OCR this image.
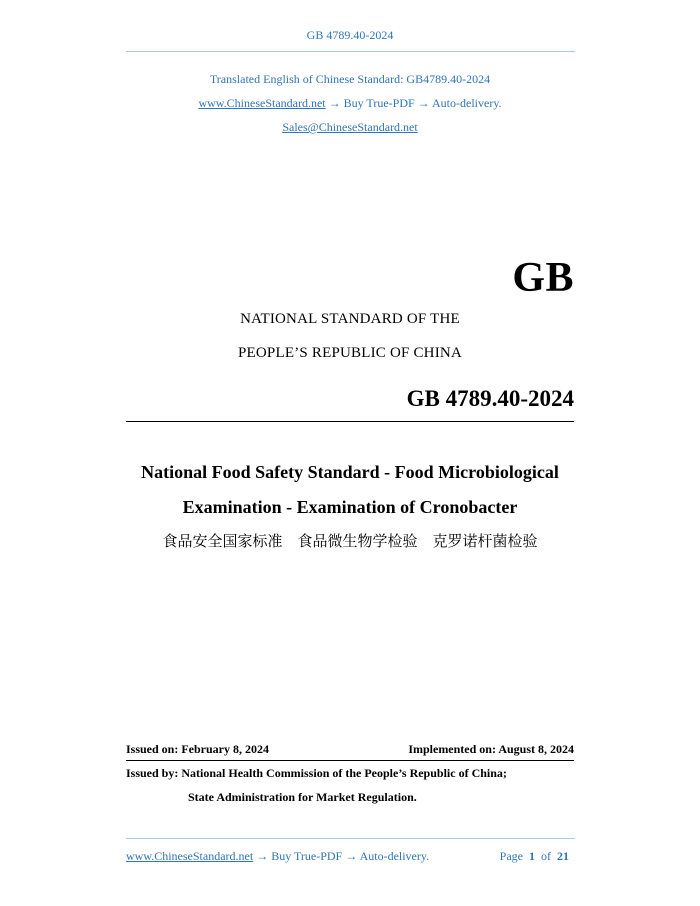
GB 4789.40-2024
Translated English of Chinese Standard: GB4789.40-2024
www.ChineseStandard.net → Buy True-PDF → Auto-delivery.
Sales@ChineseStandard.net
GB
NATIONAL STANDARD OF THE
PEOPLE’S REPUBLIC OF CHINA
GB 4789.40-2024
National Food Safety Standard - Food Microbiological
Examination - Examination of Cronobacter
食品安全国家标准　食品微生物学检验　克罗诺杆菌检验
Issued on: February 8, 2024	Implemented on: August 8, 2024
Issued by: National Health Commission of the People’s Republic of China;
State Administration for Market Regulation.
www.ChineseStandard.net → Buy True-PDF → Auto-delivery.	Page 1 of 21
